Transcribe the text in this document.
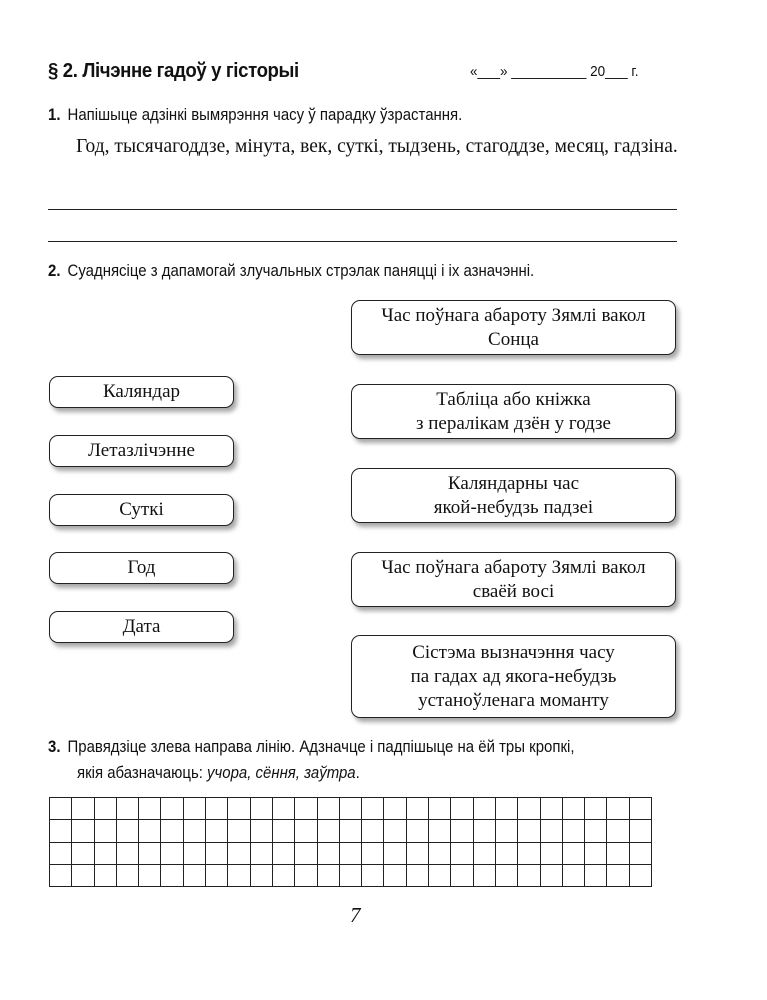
§ 2. Лічэнне гадоў у гісторыі	«___» __________ 20___ г.
1. Напішыце адзінкі вымярэння часу ў парадку ўзрастання.
Год, тысячагоддзе, мінута, век, суткі, тыдзень, стагоддзе, месяц, гадзіна.
2. Суаднясіце з дапамогай злучальных стрэлак паняцці і іх азначэнні.
Каляндар
Летазлічэнне
Суткі
Год
Дата
Час поўнага абароту Зямлі вакол
Сонца
Табліца або кніжка
з пералікам дзён у годзе
Каляндарны час
якой-небудзь падзеі
Час поўнага абароту Зямлі вакол
сваёй восі
Сістэма вызначэння часу
па гадах ад якога-небудзь
устаноўленага моманту
3. Правядзіце злева направа лінію. Адзначце і падпішыце на ёй тры кропкі,
якія абазначаюць: учора, сёння, заўтра.

7
